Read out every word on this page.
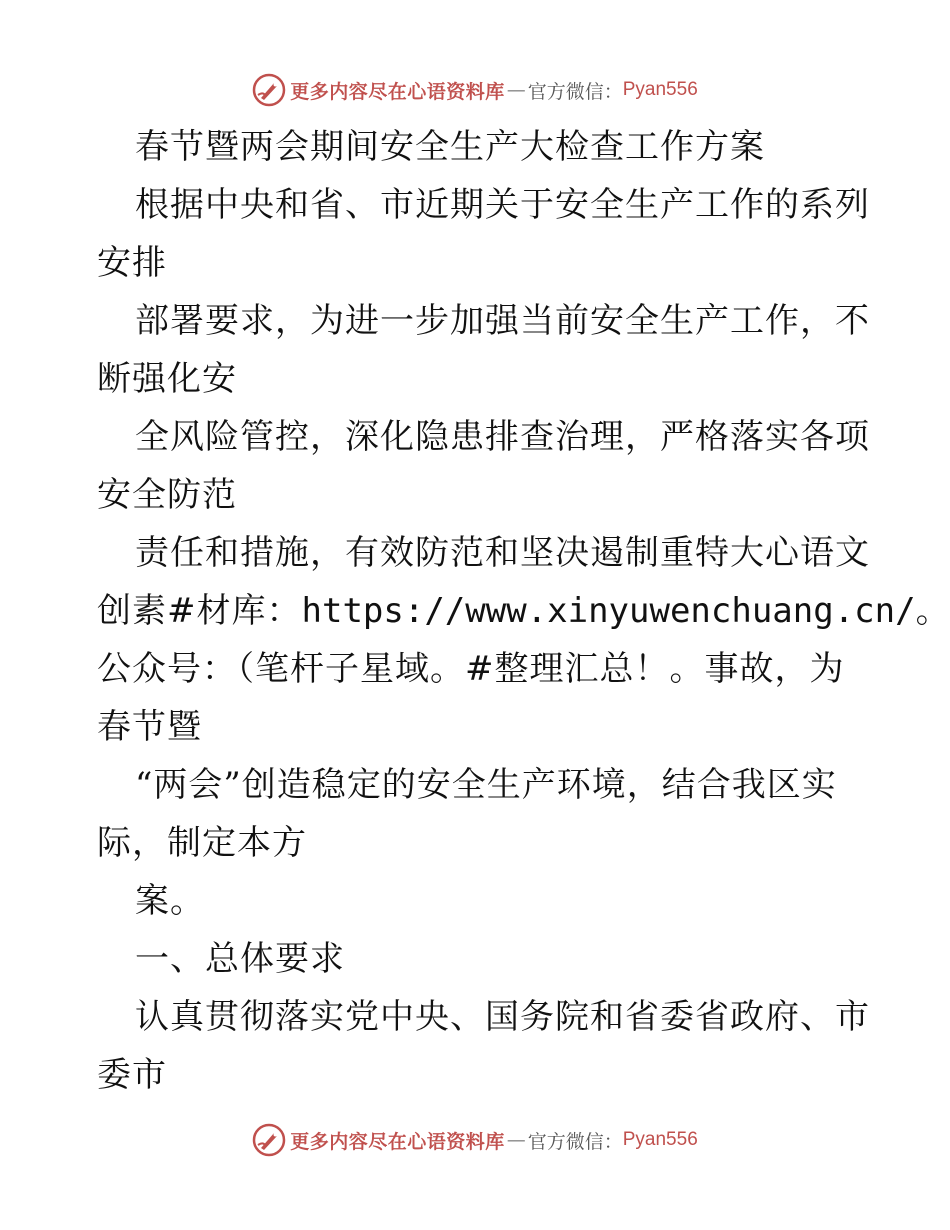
更多内容尽在心语资料库 — 官方微信： Pyan556
春节暨两会期间安全生产大检查工作方案
根据中央和省、市近期关于安全生产工作的系列
安排
部署要求，为进一步加强当前安全生产工作，不
断强化安
全风险管控，深化隐患排查治理，严格落实各项
安全防范
责任和措施，有效防范和坚决遏制重特大心语文
创素#材库：https://www.xinyuwenchuang.cn/。
公众号：（笔杆子星域。#整理汇总！。事故，为
春节暨
“两会”创造稳定的安全生产环境，结合我区实
际，制定本方
案。
一、总体要求
认真贯彻落实党中央、国务院和省委省政府、市
委市
更多内容尽在心语资料库 — 官方微信： Pyan556
